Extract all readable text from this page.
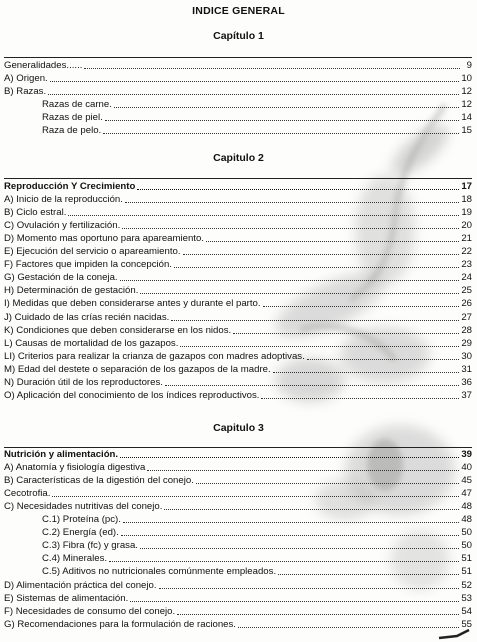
INDICE GENERAL
Capítulo 1
Generalidades......	9
A) Origen.	10
B) Razas.	12
Razas de carne.	12
Razas de piel.	14
Raza de pelo.	15
Capitulo 2
Reproducción Y Crecimiento	17
A) Inicio de la reproducción.	18
B) Ciclo estral.	19
C) Ovulación y fertilización.	20
D) Momento mas oportuno para apareamiento.	21
E) Ejecución del servicio o apareamiento.	22
F) Factores que impiden la concepción.	23
G) Gestación de la coneja.	24
H) Determinación de gestación.	25
I) Medidas que deben considerarse antes y durante el parto.	26
J) Cuidado de las crías recién nacidas.	27
K) Condiciones que deben considerarse en los nidos.	28
L) Causas de mortalidad de los gazapos.	29
LI) Criterios para realizar la crianza de gazapos con madres adoptivas.	30
M) Edad del destete o separación de los gazapos de la madre.	31
N) Duración útil de los reproductores.	36
O) Aplicación del conocimiento de los índices reproductivos.	37
Capitulo 3
Nutrición y alimentación.	39
A) Anatomía y fisiología digestiva	40
B) Características de la digestión del conejo.	45
Cecotrofia.	47
C) Necesidades nutritivas del conejo.	48
C.1) Proteína (pc).	48
C.2) Energía (ed).	50
C.3) Fibra (fc) y grasa.	50
C.4) Minerales.	51
C.5) Aditivos no nutricionales comúnmente empleados.	51
D) Alimentación práctica del conejo.	52
E) Sistemas de alimentación.	53
F) Necesidades de consumo del conejo.	54
G) Recomendaciones para la formulación de raciones.	55
